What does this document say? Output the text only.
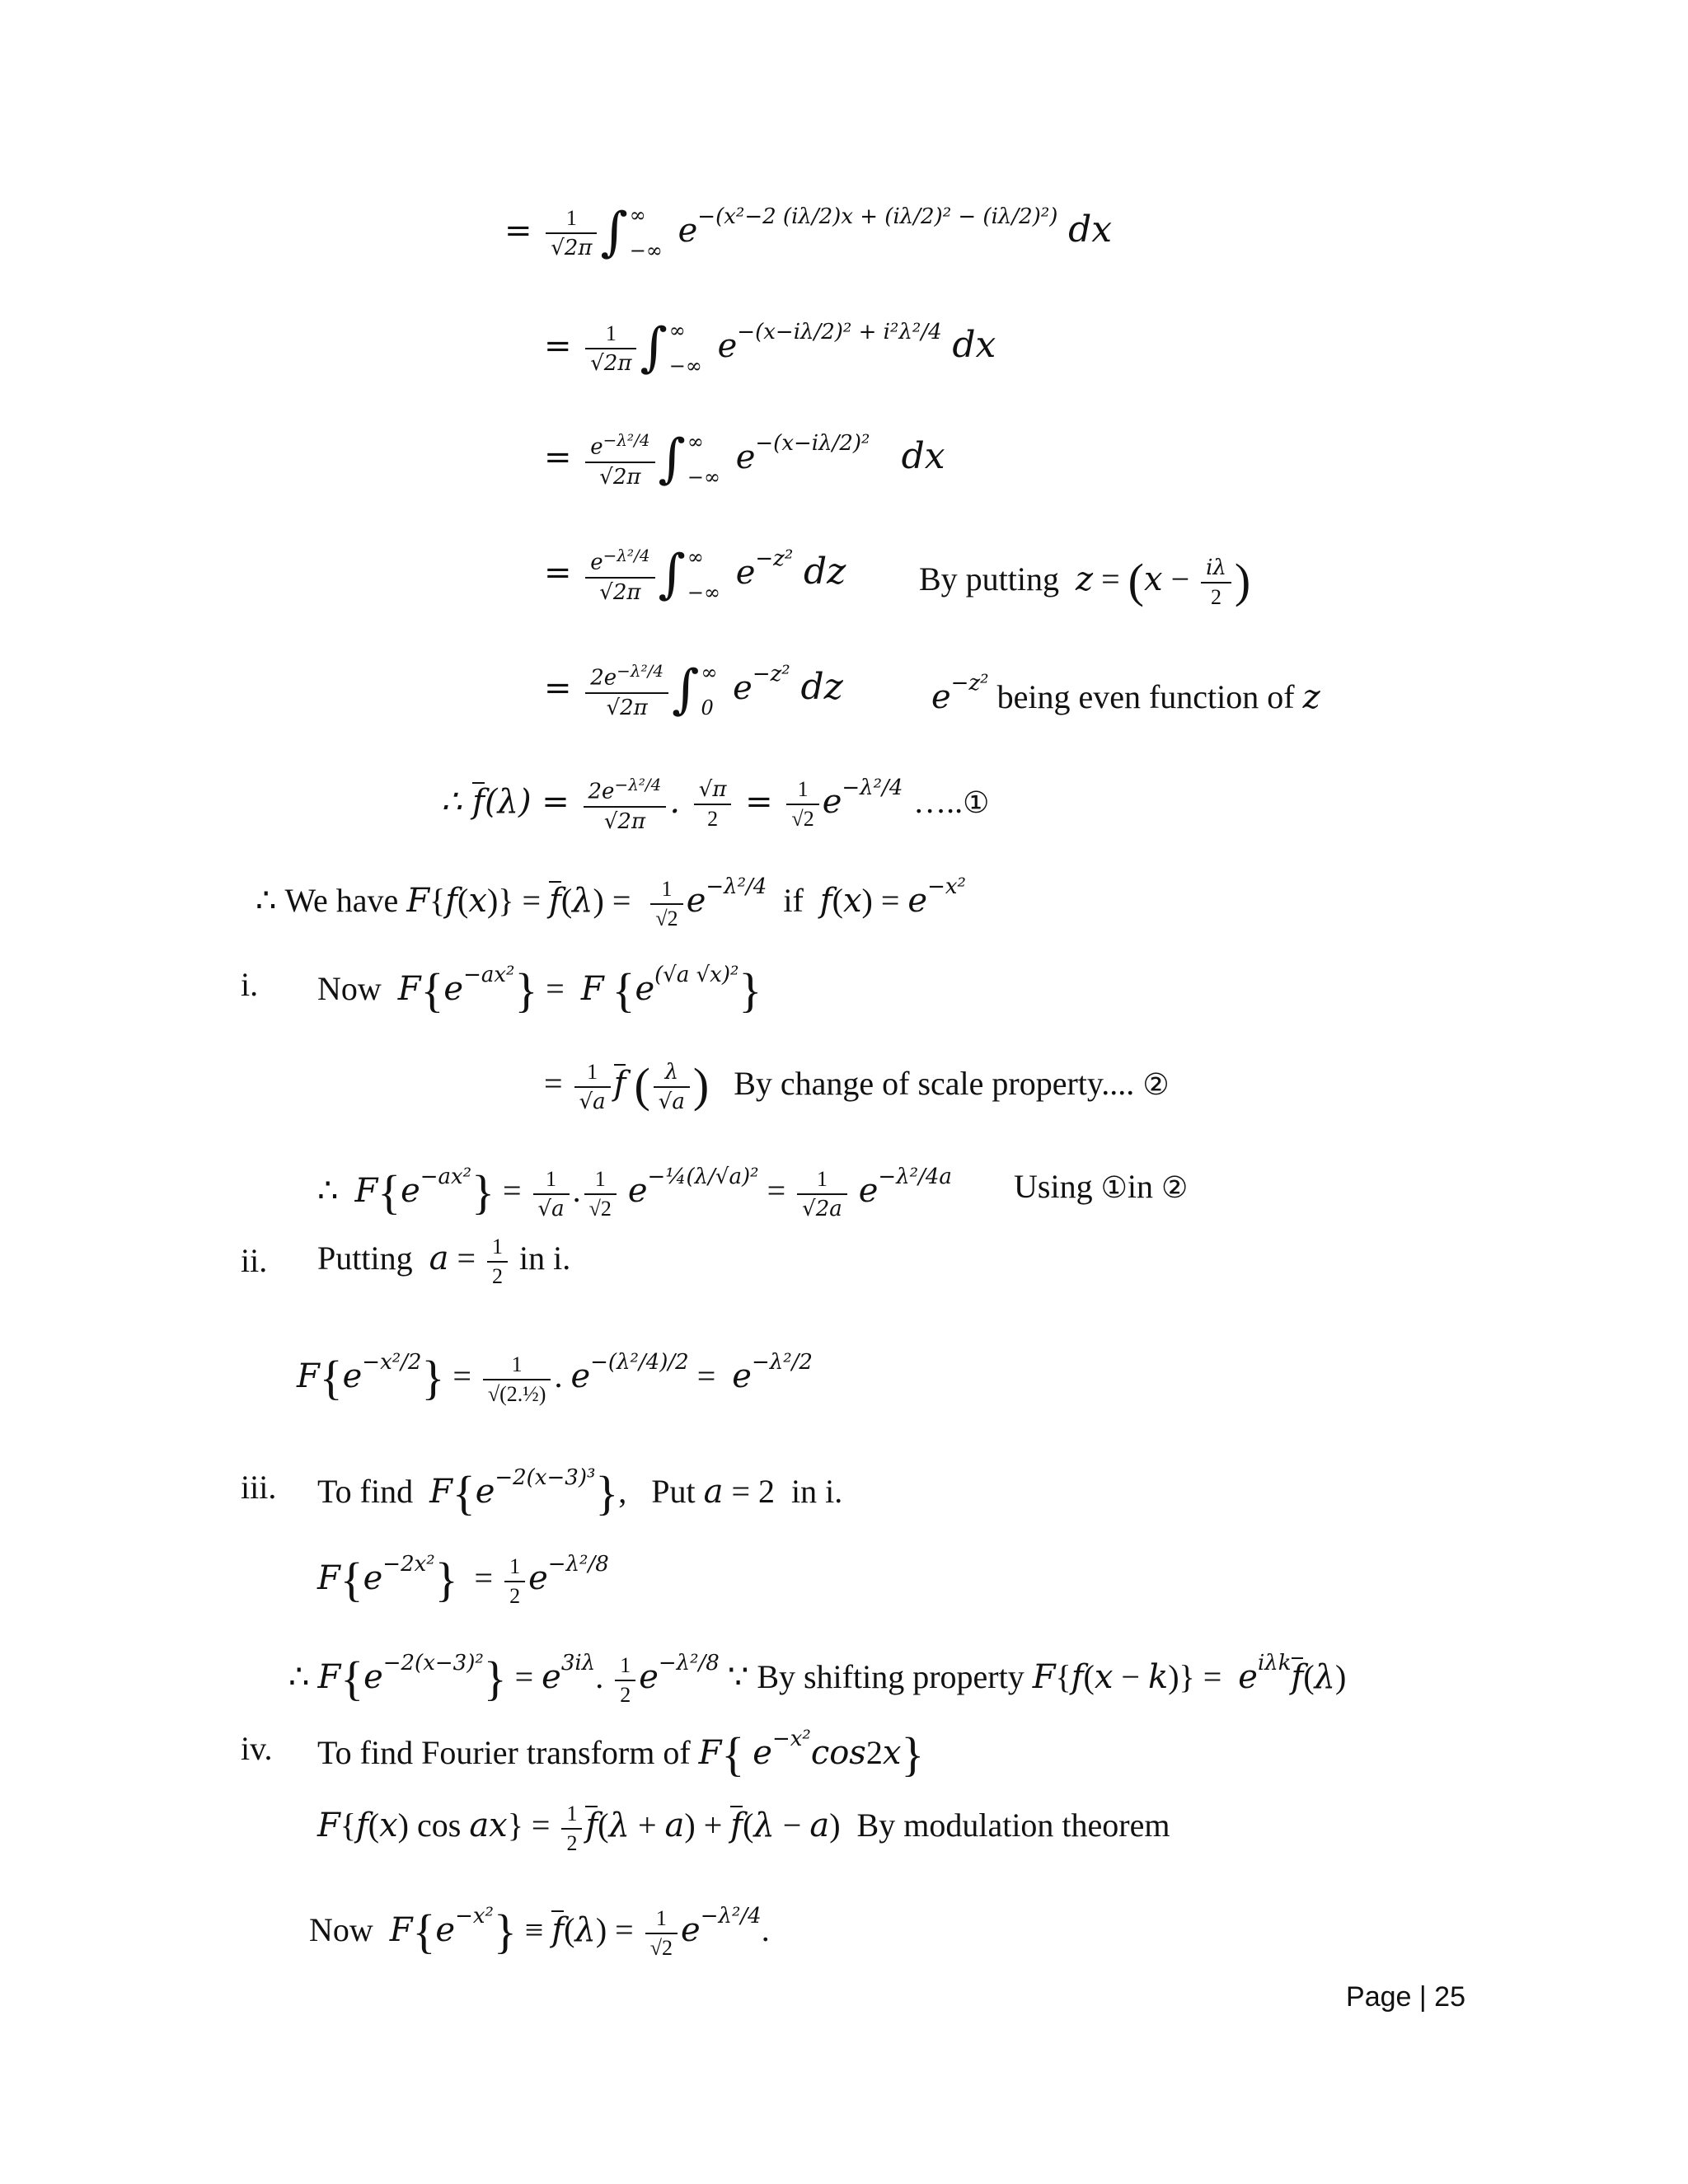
= $\frac{1}{√2\pi}$ ∫ ∞
−∞
$e^{-(x^2-2 (i\lambda/2)x + (i\lambda/2)^2 - (i\lambda/2)^2)}$ dx
= $\frac{1}{√2\pi}$ ∫ ∞
−∞
$e^{-(x-i\lambda/2)^2 + i^2\lambda^2/4}$ dx
= $\frac{e^{-\lambda^2/4}}{√2\pi}$ ∫ ∞
−∞
$e^{-(x-i\lambda/2)^2}$ dx
= $\frac{e^{-\lambda^2/4}}{√2\pi}$ ∫ ∞
−∞
$e^{-z^2}$ dz By putting $z = (x - \frac{i\lambda}{2}$ )
= $\frac{2e^{-\lambda^2/4}}{√2\pi}$ ∫ ∞
0
$e^{-z^2}$ dz	$e^{-z^2}$ being even function of z
∴ $f(\lambda) = \frac{2e^{-\lambda^2/4}}{√2\pi}$ . $\frac{√\pi}{2} = \frac{1}{√2} e^{-\lambda^2/4}$ …..①
∴ We have $F\{f(x)\} = f(\lambda) = \frac{1}{√2} e^{-\lambda^2/4}$ if $f(x) = e^{-x^2}$
i. Now $F\{e^{-ax^2}\} = F$ $\{e^{(√a √x)^2}\}$
= $\frac{1}{√a}$ f ( $\frac{\lambda}{√a}$ ) By change of scale property.... ②
∴ $F\{e^{-ax^2}\} = \frac{1}{√a}$ . $\frac{1}{√2} e^{-\frac{1}{4}(\lambda/√a)^2} = \frac{1}{√2a} e^{-\lambda^2/4a}$ Using ①in ②
ii. Putting $a = \frac{1}{2}$ in i.
$F\{e^{-x^2/2}\} = \frac{1}{\text{√(2.½)}}$ . $e^{-(\lambda^2/4)/2} = e^{-\lambda^2/2}$
iii. To find $F\{e^{-2(x-3)^3}\}$,   Put a = 2  in i.
$F\{e^{-2x^2}\} = \frac{1}{2} e^{-\lambda^2/8}$
∴ $F\{e^{-2(x-3)^2}\} = e^{3i\lambda}$. $\frac{1}{2} e^{-\lambda^2/8}$ ∵ By shifting property $F\{f(x - k)\} = e^{i\lambda k}f(\lambda)$
iv. To find Fourier transform of F{ $e^{-x^2}\cos 2x$}
F{f(x) $\cos ax\} = \frac{1}{2} f(\lambda + a) + f(\lambda - a)$  By modulation theorem
Now $F\{e^{-x^2}\} \equiv f(\lambda) = \frac{1}{√2} e^{-\lambda^2/4}$.
Page | 25
